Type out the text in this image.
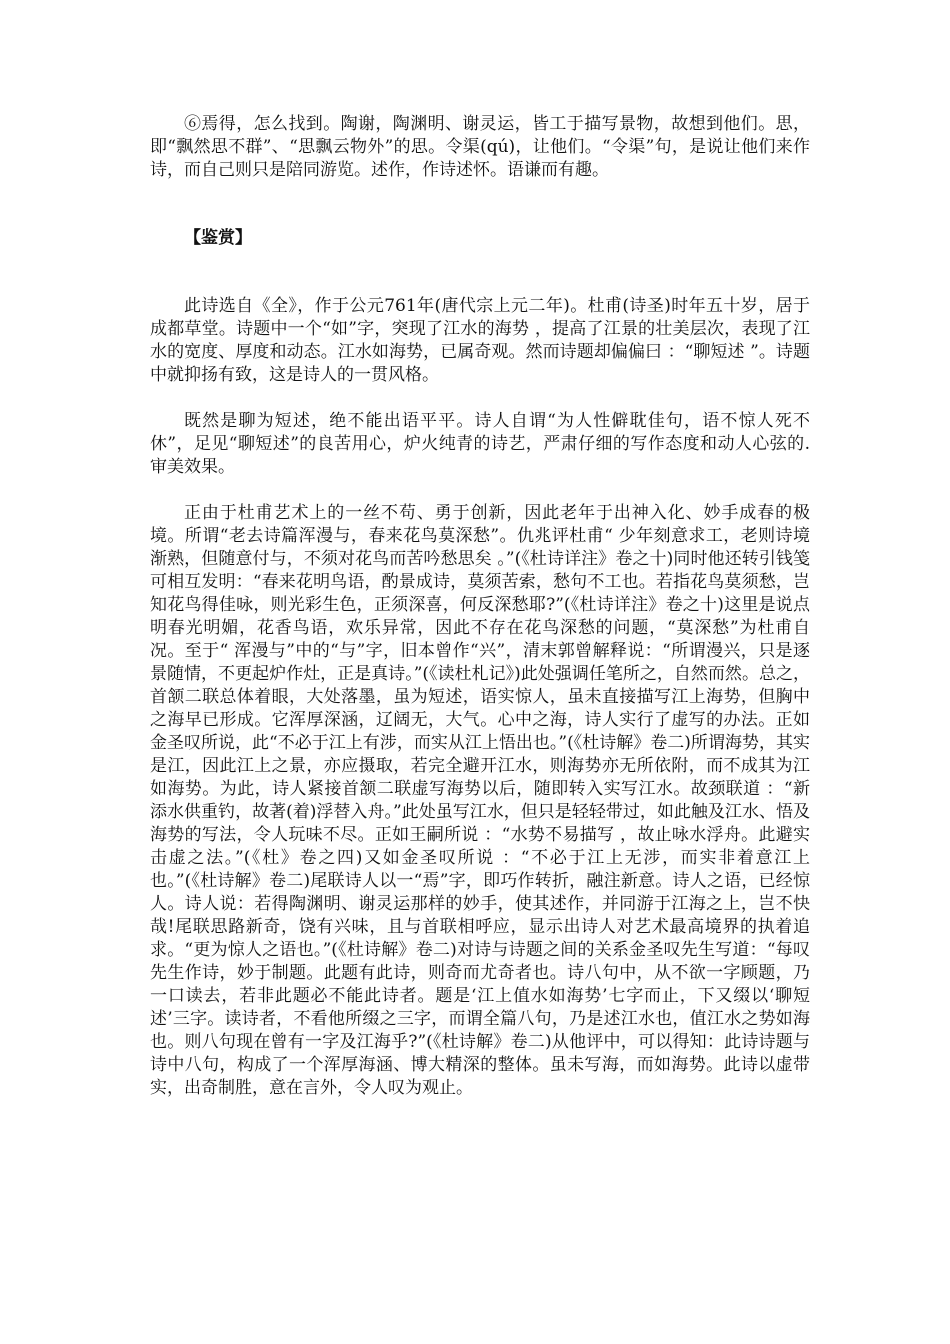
⑥焉得，怎么找到。陶谢，陶渊明、谢灵运，皆工于描写景物，故想到他们。思，即“飘然思不群”、“思飘云物外”的思。令渠(qú)，让他们。“令渠”句，是说让他们来作诗，而自己则只是陪同游览。述作，作诗述怀。语谦而有趣。

【鉴赏】

此诗选自《全》，作于公元761年(唐代宗上元二年)。杜甫(诗圣)时年五十岁，居于成都草堂。诗题中一个“如”字，突现了江水的海势 ，提高了江景的壮美层次，表现了江水的宽度、厚度和动态。江水如海势，已属奇观。然而诗题却偏偏曰 ：“聊短述 ”。诗题中就抑扬有致，这是诗人的一贯风格。

既然是聊为短述，绝不能出语平平。诗人自谓“为人性僻耽佳句，语不惊人死不休”，足见“聊短述”的良苦用心，炉火纯青的诗艺，严肃仔细的写作态度和动人心弦的.审美效果。

正由于杜甫艺术上的一丝不苟、勇于创新，因此老年于出神入化、妙手成春的极境。所谓“老去诗篇浑漫与，春来花鸟莫深愁”。仇兆评杜甫“ 少年刻意求工，老则诗境渐熟，但随意付与，不须对花鸟而苦吟愁思矣 。”(《杜诗详注》卷之十)同时他还转引钱笺可相互发明：“春来花明鸟语，酌景成诗，莫须苦索，愁句不工也。若指花鸟莫须愁，岂知花鸟得佳咏，则光彩生色，正须深喜，何反深愁耶?”(《杜诗详注》卷之十)这里是说点明春光明媚，花香鸟语，欢乐异常，因此不存在花鸟深愁的问题，“莫深愁”为杜甫自况。至于“ 浑漫与”中的“与”字，旧本曾作“兴”，清末郭曾解释说：“所谓漫兴，只是逐景随情，不更起炉作灶，正是真诗。”(《读杜札记》)此处强调任笔所之，自然而然。总之，首颔二联总体着眼，大处落墨，虽为短述，语实惊人，虽未直接描写江上海势，但胸中之海早已形成。它浑厚深涵，辽阔无，大气。心中之海，诗人实行了虚写的办法。正如金圣叹所说，此“不必于江上有涉，而实从江上悟出也。”(《杜诗解》卷二)所谓海势，其实是江，因此江上之景，亦应摄取，若完全避开江水，则海势亦无所依附，而不成其为江如海势。为此，诗人紧接首颔二联虚写海势以后，随即转入实写江水。故颈联道 ：“新添水供重钓，故著(着)浮替入舟。”此处虽写江水，但只是轻轻带过，如此触及江水、悟及海势的写法，令人玩味不尽。正如王嗣所说 ：“水势不易描写 ，故止咏水浮舟。此避实击虚之法。”(《杜》卷之四)又如金圣叹所说 ：“不必于江上无涉，而实非着意江上也。”(《杜诗解》卷二)尾联诗人以一“焉”字，即巧作转折，融注新意。诗人之语，已经惊人。诗人说：若得陶渊明、谢灵运那样的妙手，使其述作，并同游于江海之上，岂不快哉!尾联思路新奇，饶有兴味，且与首联相呼应，显示出诗人对艺术最高境界的执着追求。“更为惊人之语也。”(《杜诗解》卷二)对诗与诗题之间的关系金圣叹先生写道：“每叹先生作诗，妙于制题。此题有此诗，则奇而尤奇者也。诗八句中，从不欲一字顾题，乃一口读去，若非此题必不能此诗者。题是‘江上值水如海势’七字而止，下又缀以‘聊短述’三字。读诗者，不看他所缀之三字，而谓全篇八句，乃是述江水也，值江水之势如海也。则八句现在曾有一字及江海乎?”(《杜诗解》卷二)从他评中，可以得知：此诗诗题与诗中八句，构成了一个浑厚海涵、博大精深的整体。虽未写海，而如海势。此诗以虚带实，出奇制胜，意在言外，令人叹为观止。
